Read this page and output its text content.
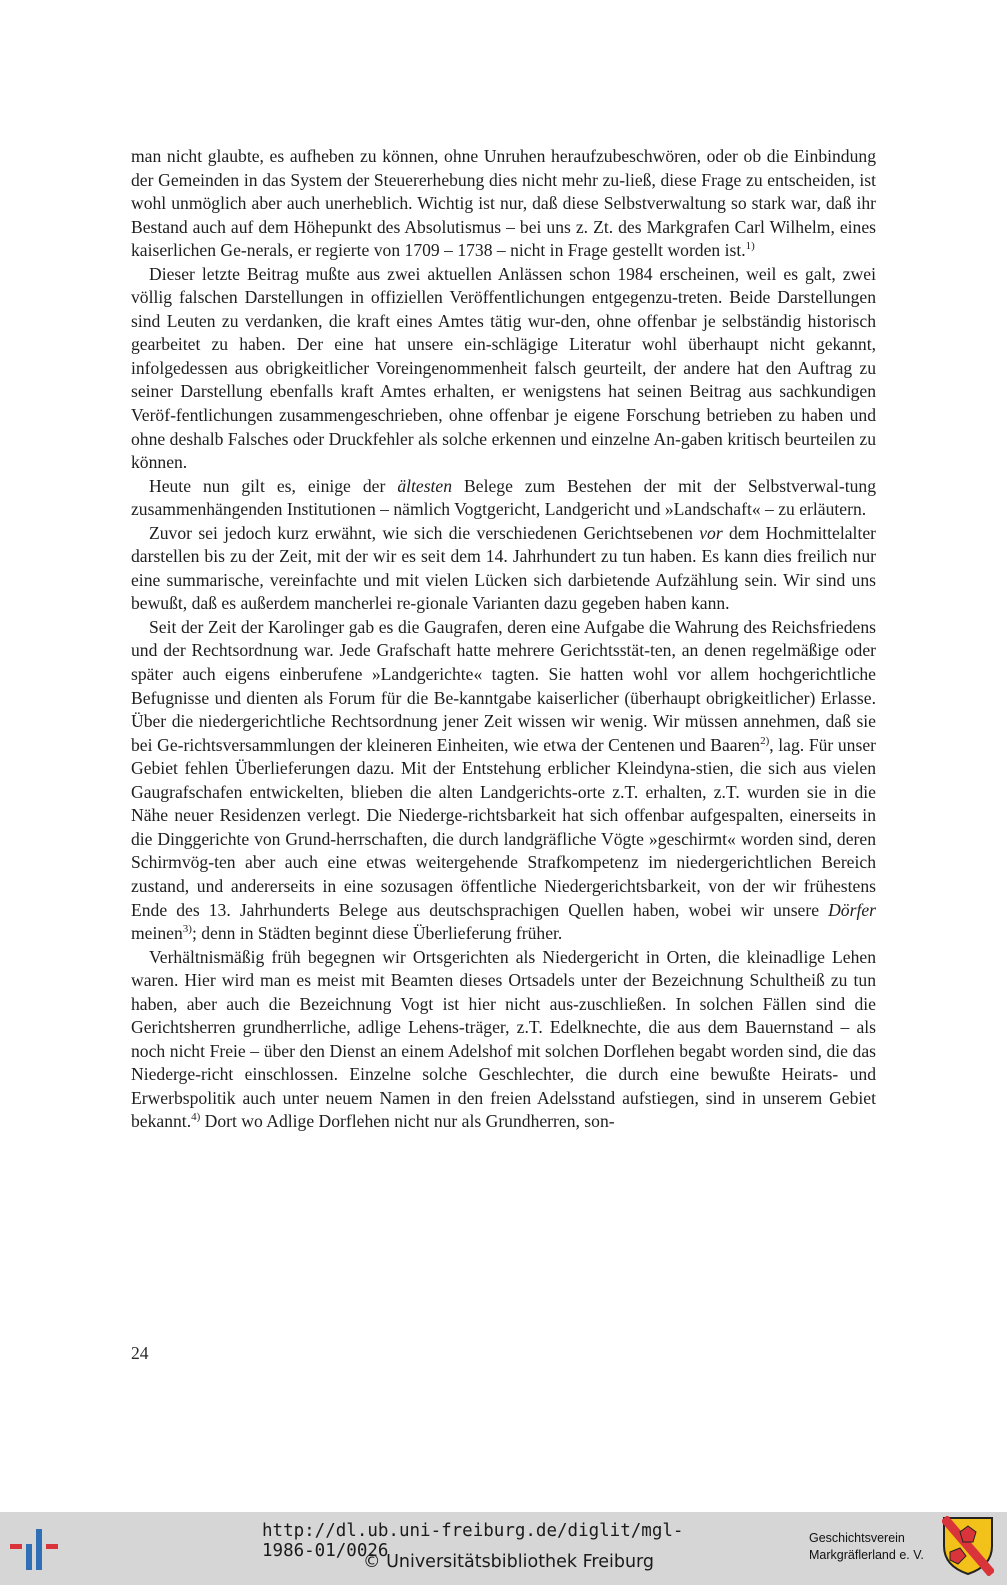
man nicht glaubte, es aufheben zu können, ohne Unruhen heraufzubeschwören, oder ob die Einbindung der Gemeinden in das System der Steuererhebung dies nicht mehr zu-ließ, diese Frage zu entscheiden, ist wohl unmöglich aber auch unerheblich. Wichtig ist nur, daß diese Selbstverwaltung so stark war, daß ihr Bestand auch auf dem Höhepunkt des Absolutismus – bei uns z. Zt. des Markgrafen Carl Wilhelm, eines kaiserlichen Ge-nerals, er regierte von 1709 – 1738 – nicht in Frage gestellt worden ist.$^{1)}$

Dieser letzte Beitrag mußte aus zwei aktuellen Anlässen schon 1984 erscheinen, weil es galt, zwei völlig falschen Darstellungen in offiziellen Veröffentlichungen entgegenzu-treten. Beide Darstellungen sind Leuten zu verdanken, die kraft eines Amtes tätig wur-den, ohne offenbar je selbständig historisch gearbeitet zu haben. Der eine hat unsere ein-schlägige Literatur wohl überhaupt nicht gekannt, infolgedessen aus obrigkeitlicher Voreingenommenheit falsch geurteilt, der andere hat den Auftrag zu seiner Darstellung ebenfalls kraft Amtes erhalten, er wenigstens hat seinen Beitrag aus sachkundigen Veröf-fentlichungen zusammengeschrieben, ohne offenbar je eigene Forschung betrieben zu haben und ohne deshalb Falsches oder Druckfehler als solche erkennen und einzelne An-gaben kritisch beurteilen zu können.

Heute nun gilt es, einige der ältesten Belege zum Bestehen der mit der Selbstverwal-tung zusammenhängenden Institutionen – nämlich Vogtgericht, Landgericht und »Landschaft« – zu erläutern.

Zuvor sei jedoch kurz erwähnt, wie sich die verschiedenen Gerichtsebenen vor dem Hochmittelalter darstellen bis zu der Zeit, mit der wir es seit dem 14. Jahrhundert zu tun haben. Es kann dies freilich nur eine summarische, vereinfachte und mit vielen Lücken sich darbietende Aufzählung sein. Wir sind uns bewußt, daß es außerdem mancherlei re-gionale Varianten dazu gegeben haben kann.

Seit der Zeit der Karolinger gab es die Gaugrafen, deren eine Aufgabe die Wahrung des Reichsfriedens und der Rechtsordnung war. Jede Grafschaft hatte mehrere Gerichtsstät-ten, an denen regelmäßige oder später auch eigens einberufene »Landgerichte« tagten. Sie hatten wohl vor allem hochgerichtliche Befugnisse und dienten als Forum für die Be-kanntgabe kaiserlicher (überhaupt obrigkeitlicher) Erlasse. Über die niedergerichtliche Rechtsordnung jener Zeit wissen wir wenig. Wir müssen annehmen, daß sie bei Ge-richtsversammlungen der kleineren Einheiten, wie etwa der Centenen und Baaren$^{2)}$, lag. Für unser Gebiet fehlen Überlieferungen dazu. Mit der Entstehung erblicher Kleindyna-stien, die sich aus vielen Gaugrafschafen entwickelten, blieben die alten Landgerichts-orte z.T. erhalten, z.T. wurden sie in die Nähe neuer Residenzen verlegt. Die Niederge-richtsbarkeit hat sich offenbar aufgespalten, einerseits in die Dinggerichte von Grund-herrschaften, die durch landgräfliche Vögte »geschirmt« worden sind, deren Schirmvög-ten aber auch eine etwas weitergehende Strafkompetenz im niedergerichtlichen Bereich zustand, und andererseits in eine sozusagen öffentliche Niedergerichtsbarkeit, von der wir frühestens Ende des 13. Jahrhunderts Belege aus deutschsprachigen Quellen haben, wobei wir unsere Dörfer meinen$^{3)}$; denn in Städten beginnt diese Überlieferung früher.

Verhältnismäßig früh begegnen wir Ortsgerichten als Niedergericht in Orten, die kleinadlige Lehen waren. Hier wird man es meist mit Beamten dieses Ortsadels unter der Bezeichnung Schultheiß zu tun haben, aber auch die Bezeichnung Vogt ist hier nicht aus-zuschließen. In solchen Fällen sind die Gerichtsherren grundherrliche, adlige Lehens-träger, z.T. Edelknechte, die aus dem Bauernstand – als noch nicht Freie – über den Dienst an einem Adelshof mit solchen Dorflehen begabt worden sind, die das Niederge-richt einschlossen. Einzelne solche Geschlechter, die durch eine bewußte Heirats- und Erwerbspolitik auch unter neuem Namen in den freien Adelsstand aufstiegen, sind in unserem Gebiet bekannt.$^{4)}$ Dort wo Adlige Dorflehen nicht nur als Grundherren, son-

24
http://dl.ub.uni-freiburg.de/diglit/mgl-1986-01/0026
© Universitätsbibliothek Freiburg
Geschichtsverein
Markgräflerland e. V.
